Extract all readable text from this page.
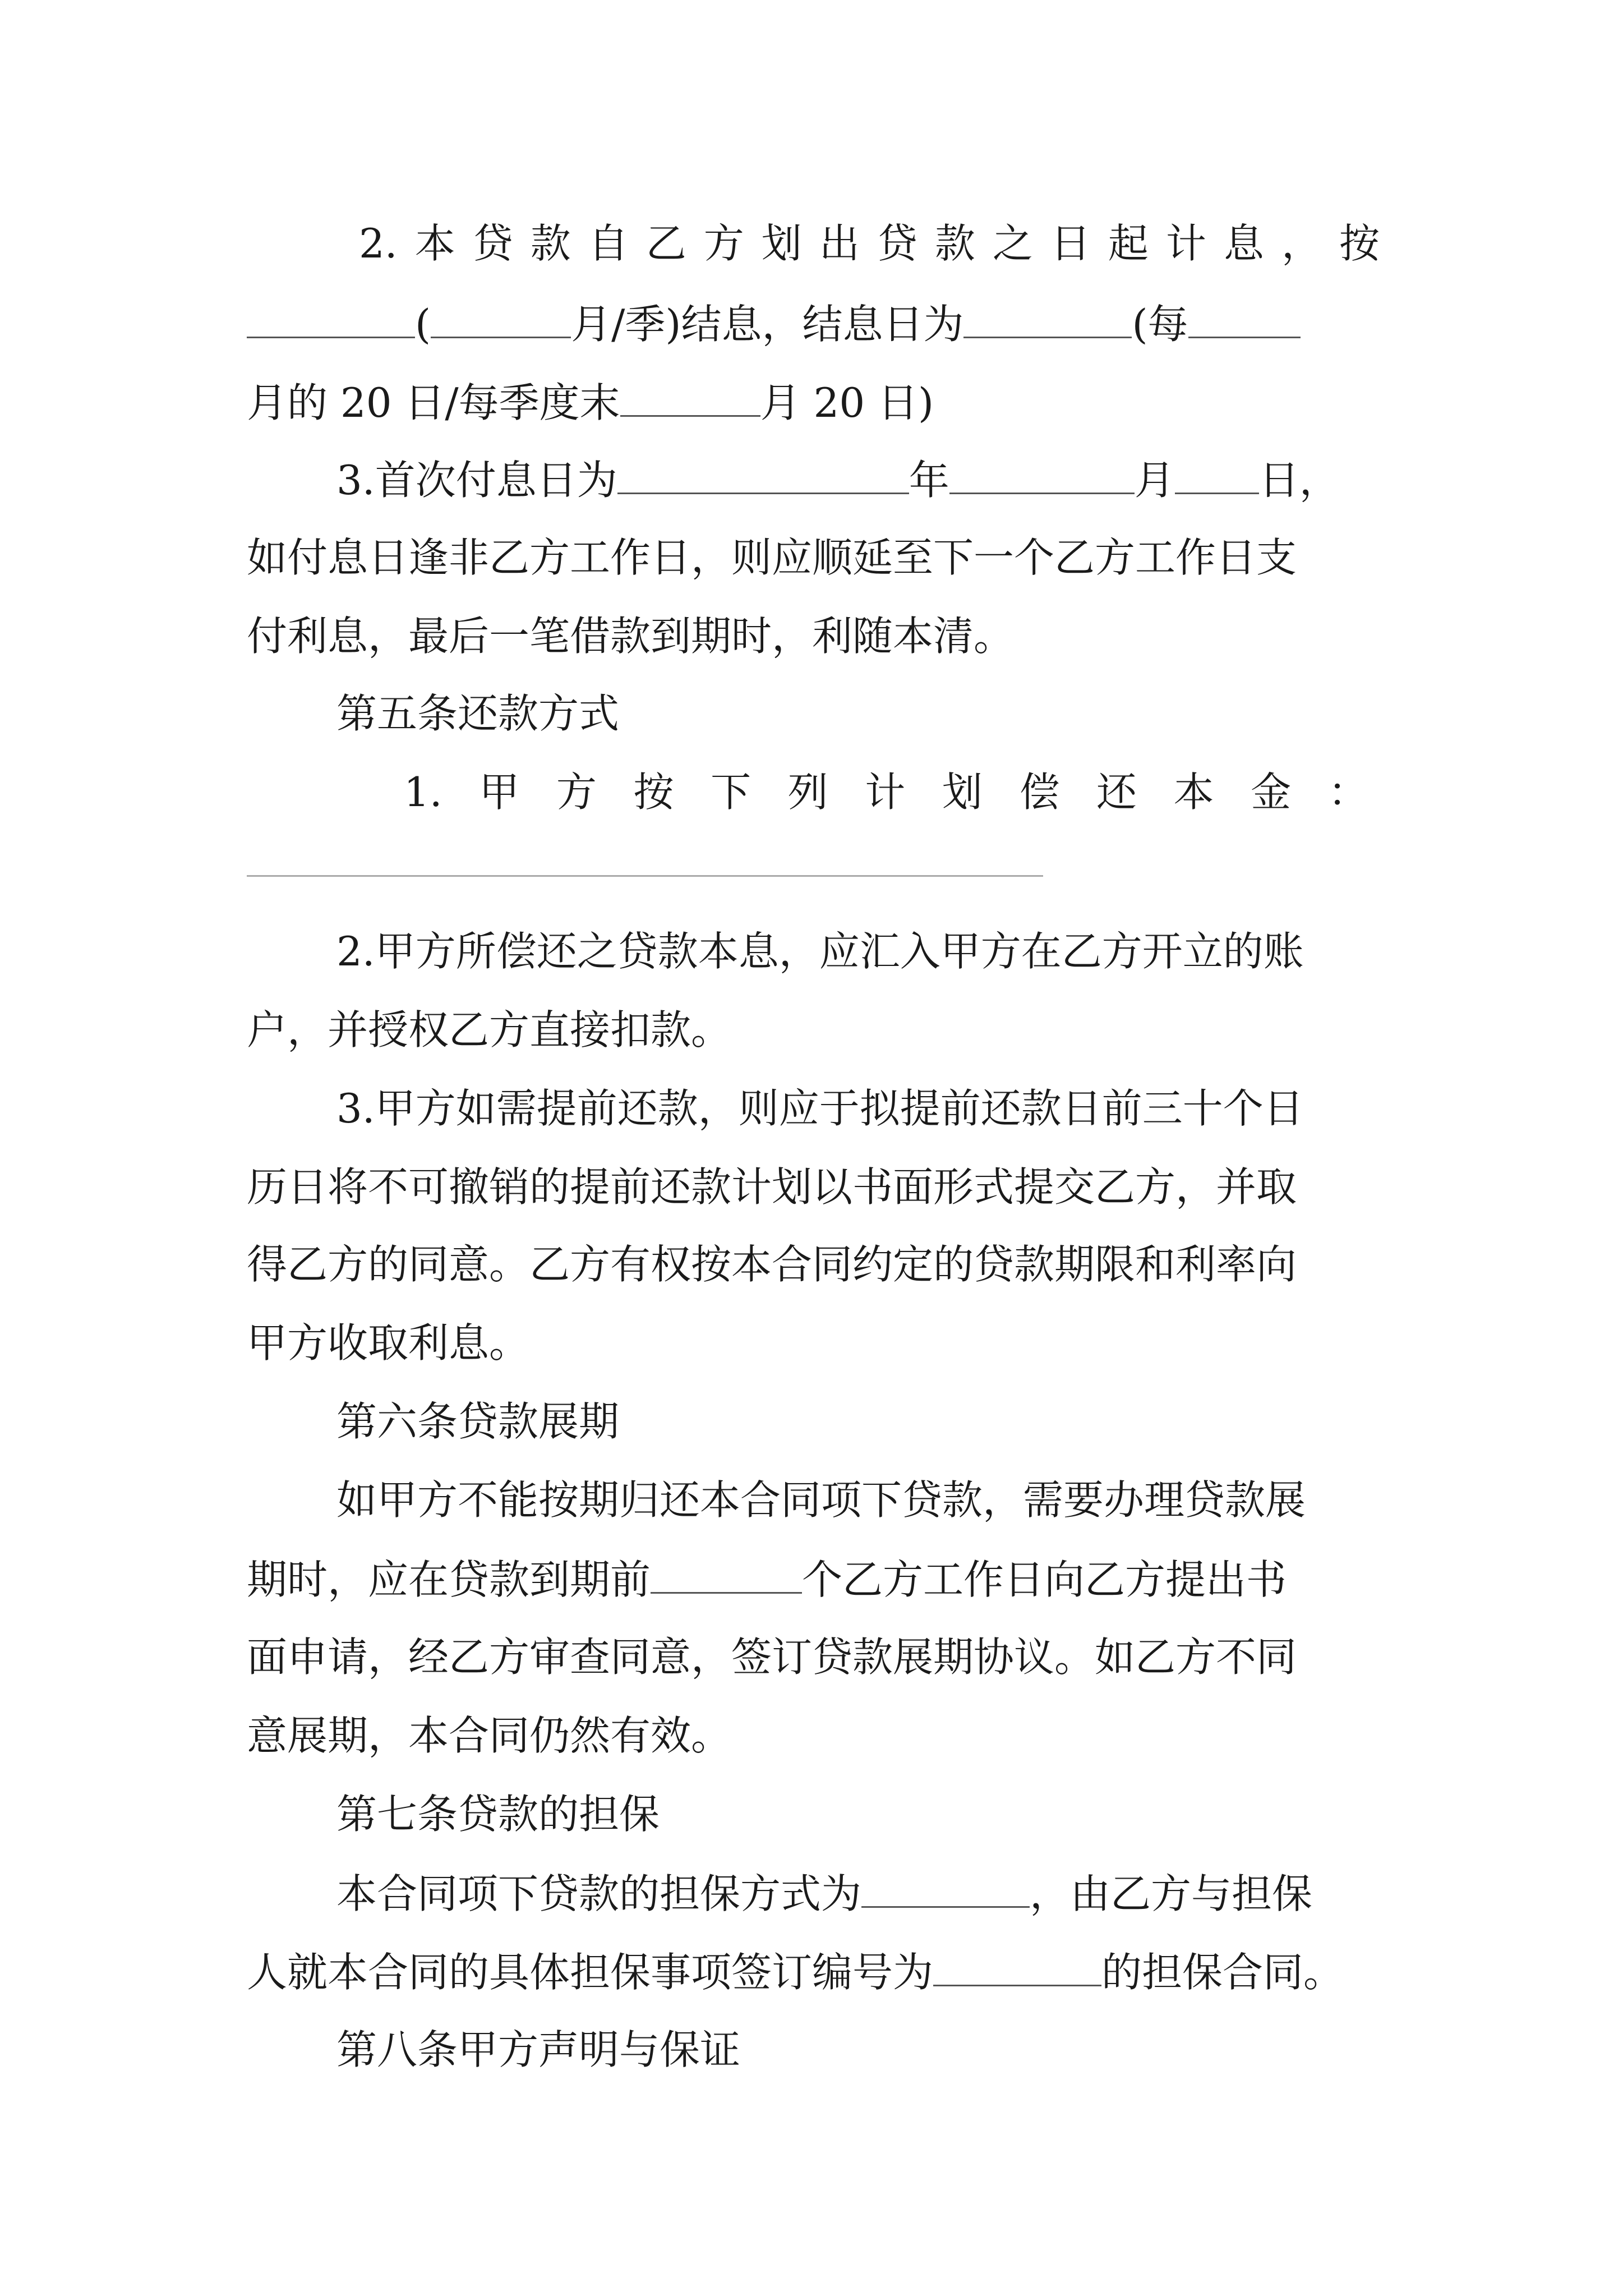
2. 本 贷 款 自 乙 方 划 出 贷 款 之 日 起 计 息 ， 按
(	月/季)结息，结息日为	(每
月的 20 日/每季度末	月 20 日)
3.首次付息日为	年	月 日，
如付息日逢非乙方工作日，则应顺延至下一个乙方工作日支
付利息，最后一笔借款到期时，利随本清。
第五条还款方式
1. 甲 方 按 下 列 计 划 偿 还 本 金 ：
2.甲方所偿还之贷款本息，应汇入甲方在乙方开立的账
户，并授权乙方直接扣款。
3.甲方如需提前还款，则应于拟提前还款日前三十个日
历日将不可撤销的提前还款计划以书面形式提交乙方，并取
得乙方的同意。乙方有权按本合同约定的贷款期限和利率向
甲方收取利息。
第六条贷款展期
如甲方不能按期归还本合同项下贷款，需要办理贷款展
期时，应在贷款到期前	个乙方工作日向乙方提出书
面申请，经乙方审查同意，签订贷款展期协议。如乙方不同
意展期，本合同仍然有效。
第七条贷款的担保
本合同项下贷款的担保方式为	，由乙方与担保
人就本合同的具体担保事项签订编号为	的担保合同。
第八条甲方声明与保证
